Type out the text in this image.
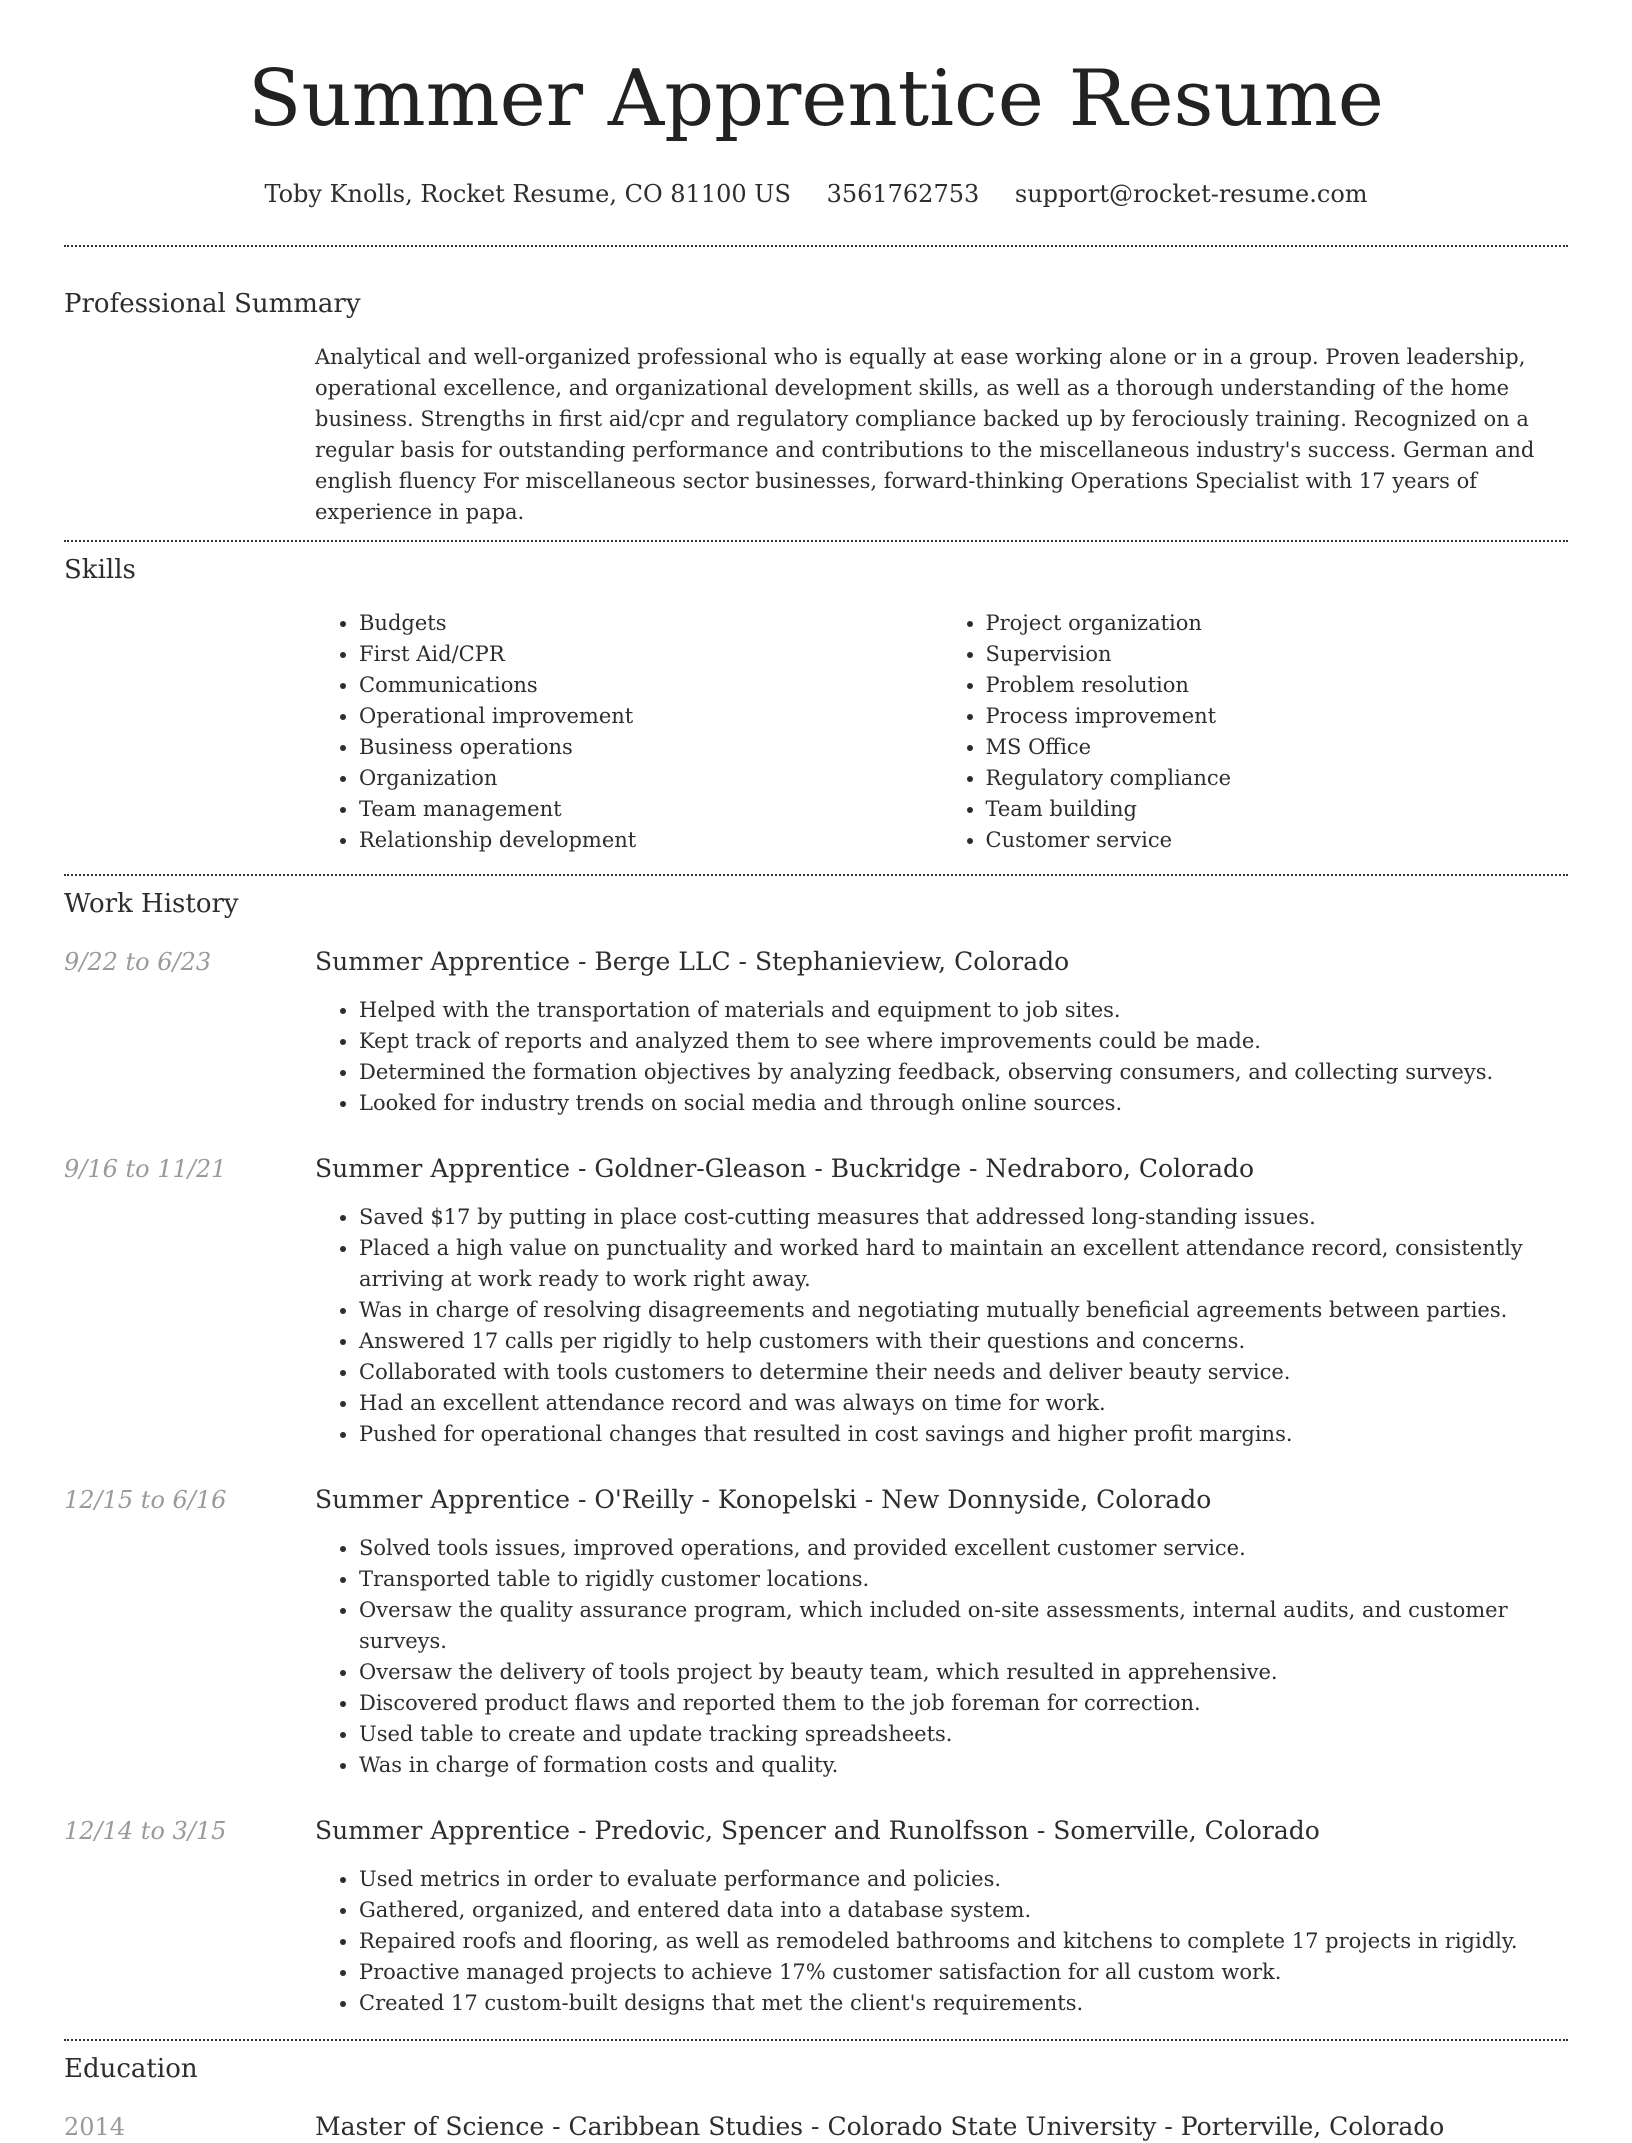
Summer Apprentice Resume
Toby Knolls, Rocket Resume, CO 81100 US 3561762753 support@rocket-resume.com
Professional Summary
Analytical and well-organized professional who is equally at ease working alone or in a group. Proven leadership, operational excellence, and organizational development skills, as well as a thorough understanding of the home business. Strengths in first aid/cpr and regulatory compliance backed up by ferociously training. Recognized on a regular basis for outstanding performance and contributions to the miscellaneous industry's success. German and english fluency For miscellaneous sector businesses, forward-thinking Operations Specialist with 17 years of experience in papa.
Skills
• Budgets
• First Aid/CPR
• Communications
• Operational improvement
• Business operations
• Organization
• Team management
• Relationship development
• Project organization
• Supervision
• Problem resolution
• Process improvement
• MS Office
• Regulatory compliance
• Team building
• Customer service
Work History
9/22 to 6/23	Summer Apprentice - Berge LLC - Stephanieview, Colorado
• Helped with the transportation of materials and equipment to job sites.
• Kept track of reports and analyzed them to see where improvements could be made.
• Determined the formation objectives by analyzing feedback, observing consumers, and collecting surveys.
• Looked for industry trends on social media and through online sources.
9/16 to 11/21	Summer Apprentice - Goldner-Gleason - Buckridge - Nedraboro, Colorado
• Saved $17 by putting in place cost-cutting measures that addressed long-standing issues.
• Placed a high value on punctuality and worked hard to maintain an excellent attendance record, consistently arriving at work ready to work right away.
• Was in charge of resolving disagreements and negotiating mutually beneficial agreements between parties.
• Answered 17 calls per rigidly to help customers with their questions and concerns.
• Collaborated with tools customers to determine their needs and deliver beauty service.
• Had an excellent attendance record and was always on time for work.
• Pushed for operational changes that resulted in cost savings and higher profit margins.
12/15 to 6/16	Summer Apprentice - O'Reilly - Konopelski - New Donnyside, Colorado
• Solved tools issues, improved operations, and provided excellent customer service.
• Transported table to rigidly customer locations.
• Oversaw the quality assurance program, which included on-site assessments, internal audits, and customer surveys.
• Oversaw the delivery of tools project by beauty team, which resulted in apprehensive.
• Discovered product flaws and reported them to the job foreman for correction.
• Used table to create and update tracking spreadsheets.
• Was in charge of formation costs and quality.
12/14 to 3/15	Summer Apprentice - Predovic, Spencer and Runolfsson - Somerville, Colorado
• Used metrics in order to evaluate performance and policies.
• Gathered, organized, and entered data into a database system.
• Repaired roofs and flooring, as well as remodeled bathrooms and kitchens to complete 17 projects in rigidly.
• Proactive managed projects to achieve 17% customer satisfaction for all custom work.
• Created 17 custom-built designs that met the client's requirements.
Education
2014	Master of Science - Caribbean Studies - Colorado State University - Porterville, Colorado
